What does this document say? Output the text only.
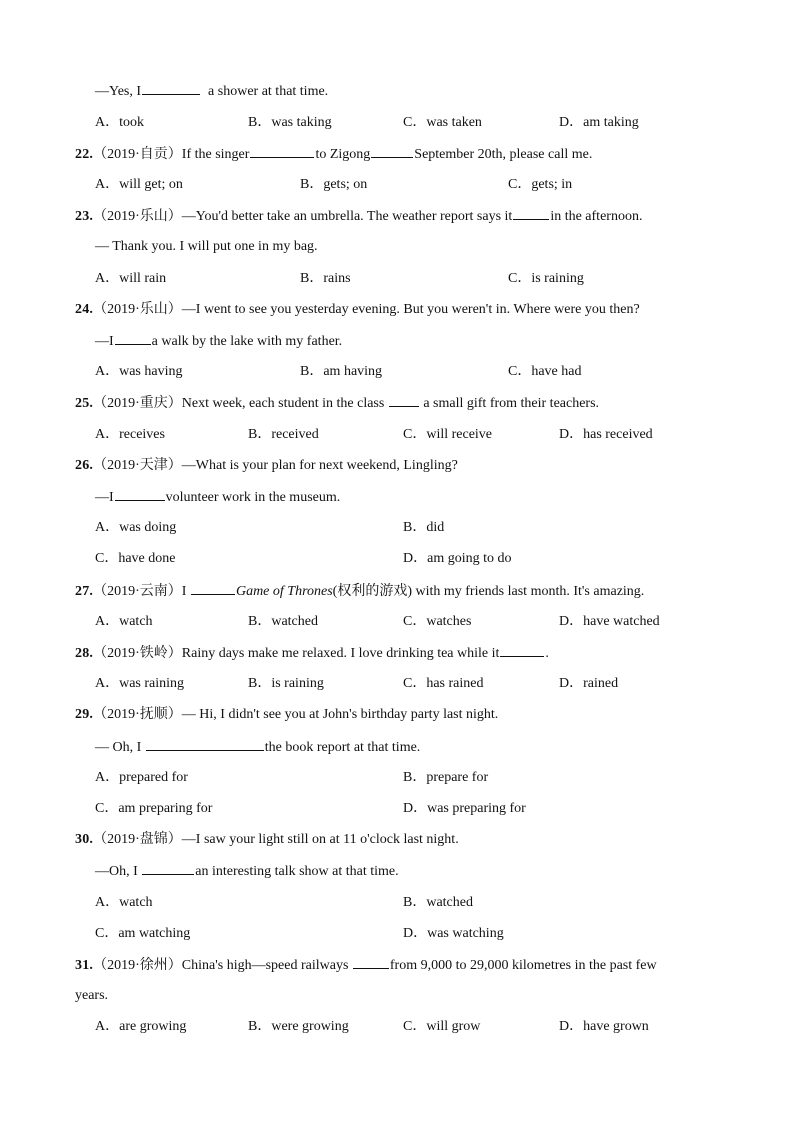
—Yes, I	a shower at that time.
A．took	B．was taking	C．was taken	D．am taking
22.（2019·自贡）If the singer	to Zigong	September 20th, please call me.
A．will get; on	B．gets; on	C．gets; in
23.（2019·乐山）—You'd better take an umbrella. The weather report says it	in the afternoon.
— Thank you. I will put one in my bag.
A．will rain	B．rains	C．is raining
24.（2019·乐山）—I went to see you yesterday evening. But you weren't in. Where were you then?
—I	a walk by the lake with my father.
A．was having	B．am having	C．have had
25.（2019·重庆）Next week, each student in the class  a small gift from their teachers.
A．receives	B．received	C．will receive	D．has received
26.（2019·天津）—What is your plan for next weekend, Lingling?
—I	volunteer work in the museum.
A．was doing	B．did
C．have done	D．am going to do
27.（2019·云南）I	Game of Thrones(权利的游戏) with my friends last month. It's amazing.
A．watch	B．watched	C．watches	D．have watched
28.（2019·铁岭）Rainy days make me relaxed. I love drinking tea while it	.
A．was raining	B．is raining	C．has rained	D．rained
29.（2019·抚顺）— Hi, I didn't see you at John's birthday party last night.
— Oh, I	the book report at that time.
A．prepared for	B．prepare for
C．am preparing for	D．was preparing for
30.（2019·盘锦）—I saw your light still on at 11 o'clock last night.
—Oh, I	an interesting talk show at that time.
A．watch	B．watched
C．am watching	D．was watching
31.（2019·徐州）China's high—speed railways	from 9,000 to 29,000 kilometres in the past few
years.
A．are growing	B．were growing	C．will grow	D．have grown
